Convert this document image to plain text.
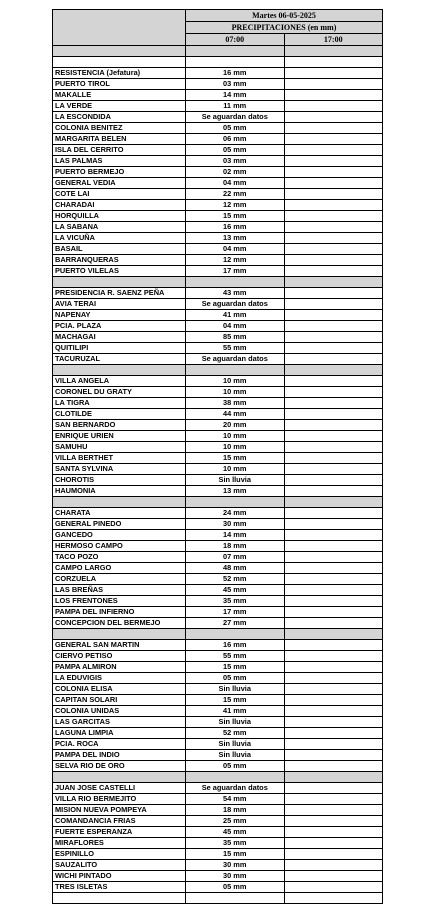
	Martes 06-05-2025	
	PRECIPITACIONES (en mm)	
	07:00	17:00

RESISTENCIA (Jefatura)	16 mm	
PUERTO TIROL	03 mm	
MAKALLE	14 mm	
LA VERDE	11 mm	
LA ESCONDIDA	Se aguardan datos	
COLONIA BENITEZ	05 mm	
MARGARITA BELEN	06 mm	
ISLA DEL CERRITO	05 mm	
LAS PALMAS	03 mm	
PUERTO BERMEJO	02 mm	
GENERAL VEDIA	04 mm	
COTE LAI	22 mm	
CHARADAI	12 mm	
HORQUILLA	15 mm	
LA SABANA	16 mm	
LA VICUÑA	13 mm	
BASAIL	04 mm	
BARRANQUERAS	12 mm	
PUERTO VILELAS	17 mm	

PRESIDENCIA R. SAENZ PEÑA	43 mm	
AVIA TERAI	Se aguardan datos	
NAPENAY	41 mm	
PCIA. PLAZA	04 mm	
MACHAGAI	85 mm	
QUITILIPI	55 mm	
TACURUZAL	Se aguardan datos	

VILLA ANGELA	10 mm	
CORONEL DU GRATY	10 mm	
LA TIGRA	38 mm	
CLOTILDE	44 mm	
SAN BERNARDO	20 mm	
ENRIQUE URIEN	10 mm	
SAMUHU	10 mm	
VILLA BERTHET	15 mm	
SANTA SYLVINA	10 mm	
CHOROTIS	Sin lluvia	
HAUMONIA	13 mm	

CHARATA	24 mm	
GENERAL PINEDO	30 mm	
GANCEDO	14 mm	
HERMOSO CAMPO	18 mm	
TACO POZO	07 mm	
CAMPO LARGO	48 mm	
CORZUELA	52 mm	
LAS BREÑAS	45 mm	
LOS FRENTONES	35 mm	
PAMPA DEL INFIERNO	17 mm	
CONCEPCION DEL BERMEJO	27 mm	

GENERAL SAN MARTIN	16 mm	
CIERVO PETISO	55 mm	
PAMPA ALMIRON	15 mm	
LA EDUVIGIS	05 mm	
COLONIA ELISA	Sin lluvia	
CAPITAN SOLARI	15 mm	
COLONIA UNIDAS	41 mm	
LAS GARCITAS	Sin lluvia	
LAGUNA LIMPIA	52 mm	
PCIA. ROCA	Sin lluvia	
PAMPA DEL INDIO	Sin lluvia	
SELVA RIO DE ORO	05 mm	

JUAN JOSE CASTELLI	Se aguardan datos	
VILLA RIO BERMEJITO	54 mm	
MISION NUEVA POMPEYA	18 mm	
COMANDANCIA FRIAS	25 mm	
FUERTE ESPERANZA	45 mm	
MIRAFLORES	35 mm	
ESPINILLO	15 mm	
SAUZALITO	30 mm	
WICHI PINTADO	30 mm	
TRES ISLETAS	05 mm	
